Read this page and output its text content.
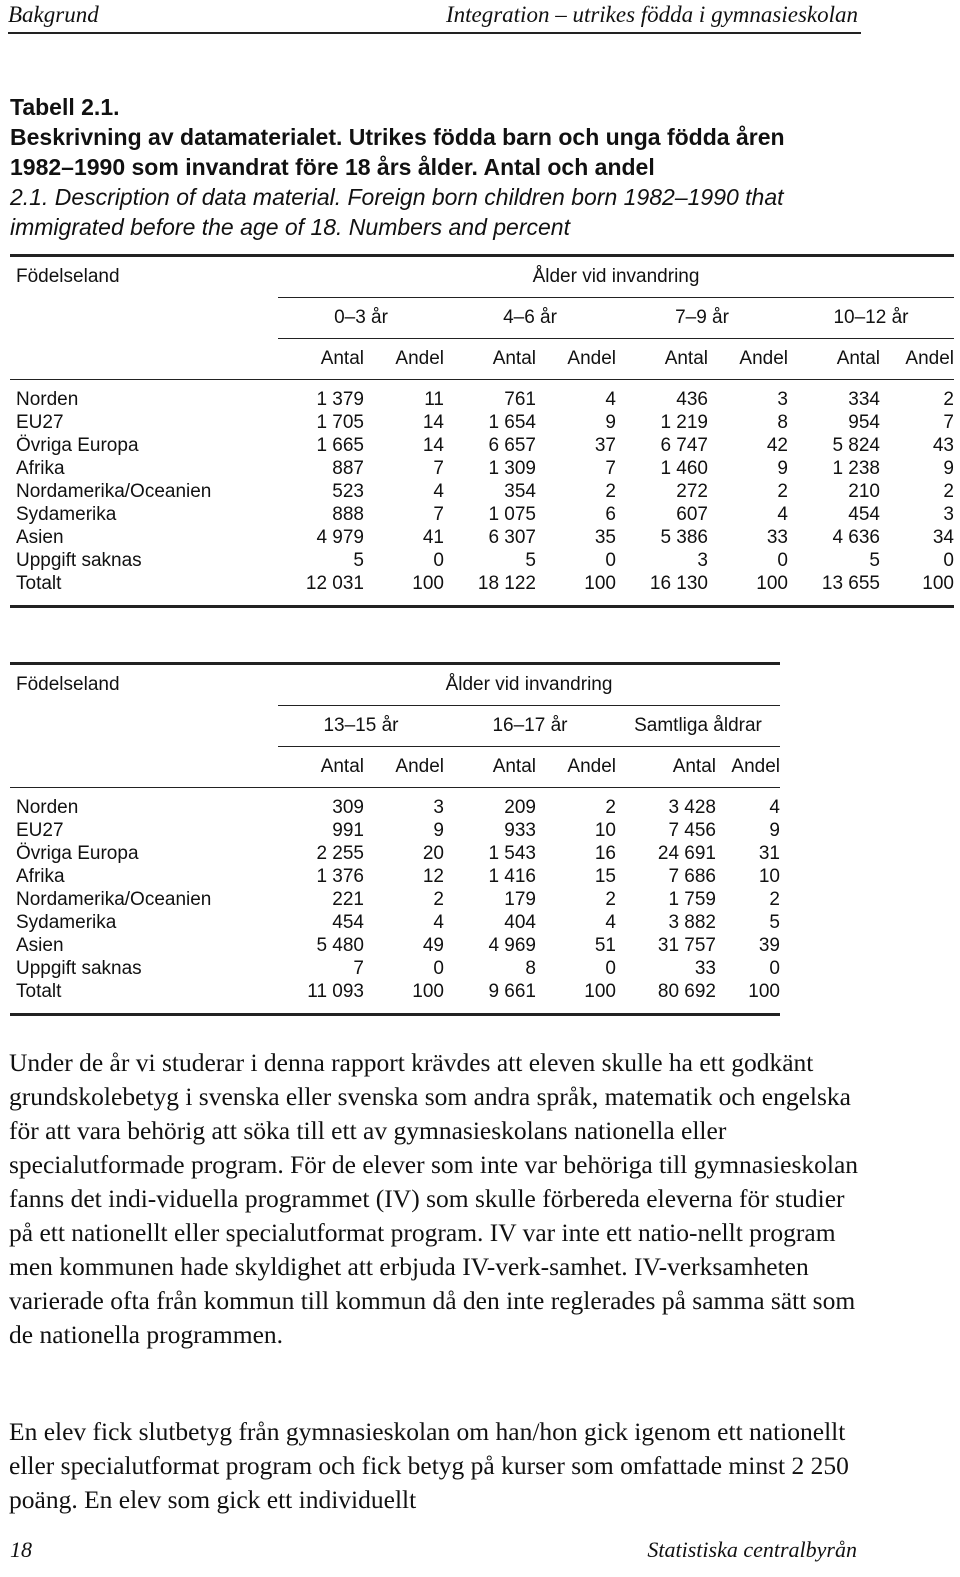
Bakgrund	Integration – utrikes födda i gymnasieskolan
Tabell 2.1.
Beskrivning av datamaterialet. Utrikes födda barn och unga födda åren 1982–1990 som invandrat före 18 års ålder. Antal och andel
2.1. Description of data material. Foreign born children born 1982–1990 that immigrated before the age of 18. Numbers and percent
Födelseland	Ålder vid invandring							
	0–3 år		4–6 år		7–9 år		10–12 år	
	Antal	Andel	Antal	Andel	Antal	Andel	Antal	Andel
Norden	1 379	11	761	4	436	3	334	2
EU27	1 705	14	1 654	9	1 219	8	954	7
Övriga Europa	1 665	14	6 657	37	6 747	42	5 824	43
Afrika	887	7	1 309	7	1 460	9	1 238	9
Nordamerika/Oceanien	523	4	354	2	272	2	210	2
Sydamerika	888	7	1 075	6	607	4	454	3
Asien	4 979	41	6 307	35	5 386	33	4 636	34
Uppgift saknas	5	0	5	0	3	0	5	0
Totalt	12 031	100	18 122	100	16 130	100	13 655	100
Födelseland	Ålder vid invandring					
	13–15 år		16–17 år		Samtliga åldrar	
	Antal	Andel	Antal	Andel	Antal	Andel
Norden	309	3	209	2	3 428	4
EU27	991	9	933	10	7 456	9
Övriga Europa	2 255	20	1 543	16	24 691	31
Afrika	1 376	12	1 416	15	7 686	10
Nordamerika/Oceanien	221	2	179	2	1 759	2
Sydamerika	454	4	404	4	3 882	5
Asien	5 480	49	4 969	51	31 757	39
Uppgift saknas	7	0	8	0	33	0
Totalt	11 093	100	9 661	100	80 692	100

Under de år vi studerar i denna rapport krävdes att eleven skulle ha ett godkänt grundskolebetyg i svenska eller svenska som andra språk, matematik och engelska för att vara behörig att söka till ett av gymnasieskolans nationella eller specialutformade program. För de elever som inte var behöriga till gymnasieskolan fanns det indi-viduella programmet (IV) som skulle förbereda eleverna för studier på ett nationellt eller specialutformat program. IV var inte ett natio-nellt program men kommunen hade skyldighet att erbjuda IV-verk-samhet. IV-verksamheten varierade ofta från kommun till kommun då den inte reglerades på samma sätt som de nationella programmen.

En elev fick slutbetyg från gymnasieskolan om han/hon gick igenom ett nationellt eller specialutformat program och fick betyg på kurser som omfattade minst 2 250 poäng. En elev som gick ett individuellt

18	Statistiska centralbyrån
